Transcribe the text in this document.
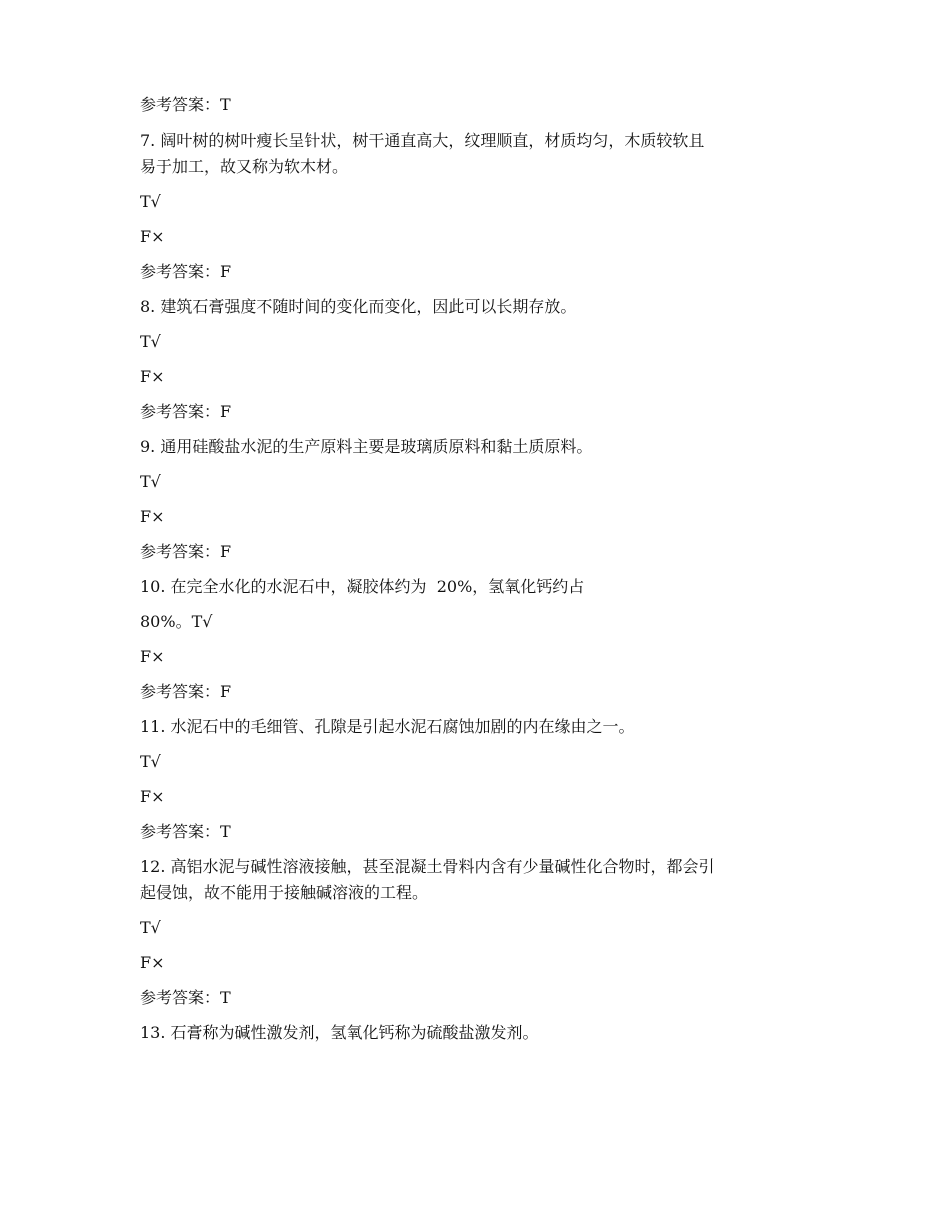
参考答案：T
7. 阔叶树的树叶瘦长呈针状，树干通直高大，纹理顺直，材质均匀，木质较软且
易于加工，故又称为软木材。
T√
F×
参考答案：F
8. 建筑石膏强度不随时间的变化而变化，因此可以长期存放。
T√
F×
参考答案：F
9. 通用硅酸盐水泥的生产原料主要是玻璃质原料和黏土质原料。
T√
F×
参考答案：F
10. 在完全水化的水泥石中，凝胶体约为  20%，氢氧化钙约占
80%。T√
F×
参考答案：F
11. 水泥石中的毛细管、孔隙是引起水泥石腐蚀加剧的内在缘由之一。
T√
F×
参考答案：T
12. 高铝水泥与碱性溶液接触，甚至混凝土骨料内含有少量碱性化合物时，都会引
起侵蚀，故不能用于接触碱溶液的工程。
T√
F×
参考答案：T
13. 石膏称为碱性激发剂，氢氧化钙称为硫酸盐激发剂。
